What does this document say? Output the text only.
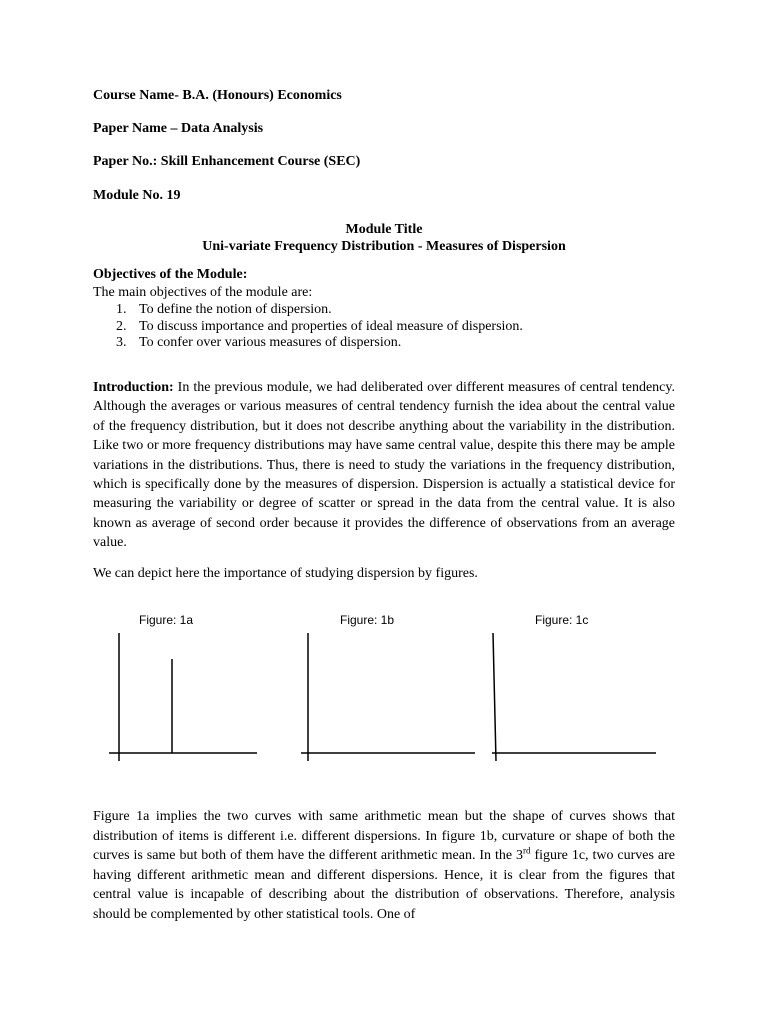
Course Name- B.A. (Honours) Economics
Paper Name – Data Analysis
Paper No.: Skill Enhancement Course (SEC)
Module No. 19
Module Title
Uni-variate Frequency Distribution - Measures of Dispersion
Objectives of the Module:
The main objectives of the module are:
1. To define the notion of dispersion.
2. To discuss importance and properties of ideal measure of dispersion.
3. To confer over various measures of dispersion.

Introduction: In the previous module, we had deliberated over different measures of central tendency. Although the averages or various measures of central tendency furnish the idea about the central value of the frequency distribution, but it does not describe anything about the variability in the distribution. Like two or more frequency distributions may have same central value, despite this there may be ample variations in the distributions. Thus, there is need to study the variations in the frequency distribution, which is specifically done by the measures of dispersion. Dispersion is actually a statistical device for measuring the variability or degree of scatter or spread in the data from the central value. It is also known as average of second order because it provides the difference of observations from an average value.

We can depict here the importance of studying dispersion by figures.
Figure: 1a	Figure: 1b	Figure: 1c

Figure 1a implies the two curves with same arithmetic mean but the shape of curves shows that distribution of items is different i.e. different dispersions. In figure 1b, curvature or shape of both the curves is same but both of them have the different arithmetic mean. In the 3rd figure 1c, two curves are having different arithmetic mean and different dispersions. Hence, it is clear from the figures that central value is incapable of describing about the distribution of observations. Therefore, analysis should be complemented by other statistical tools. One of
